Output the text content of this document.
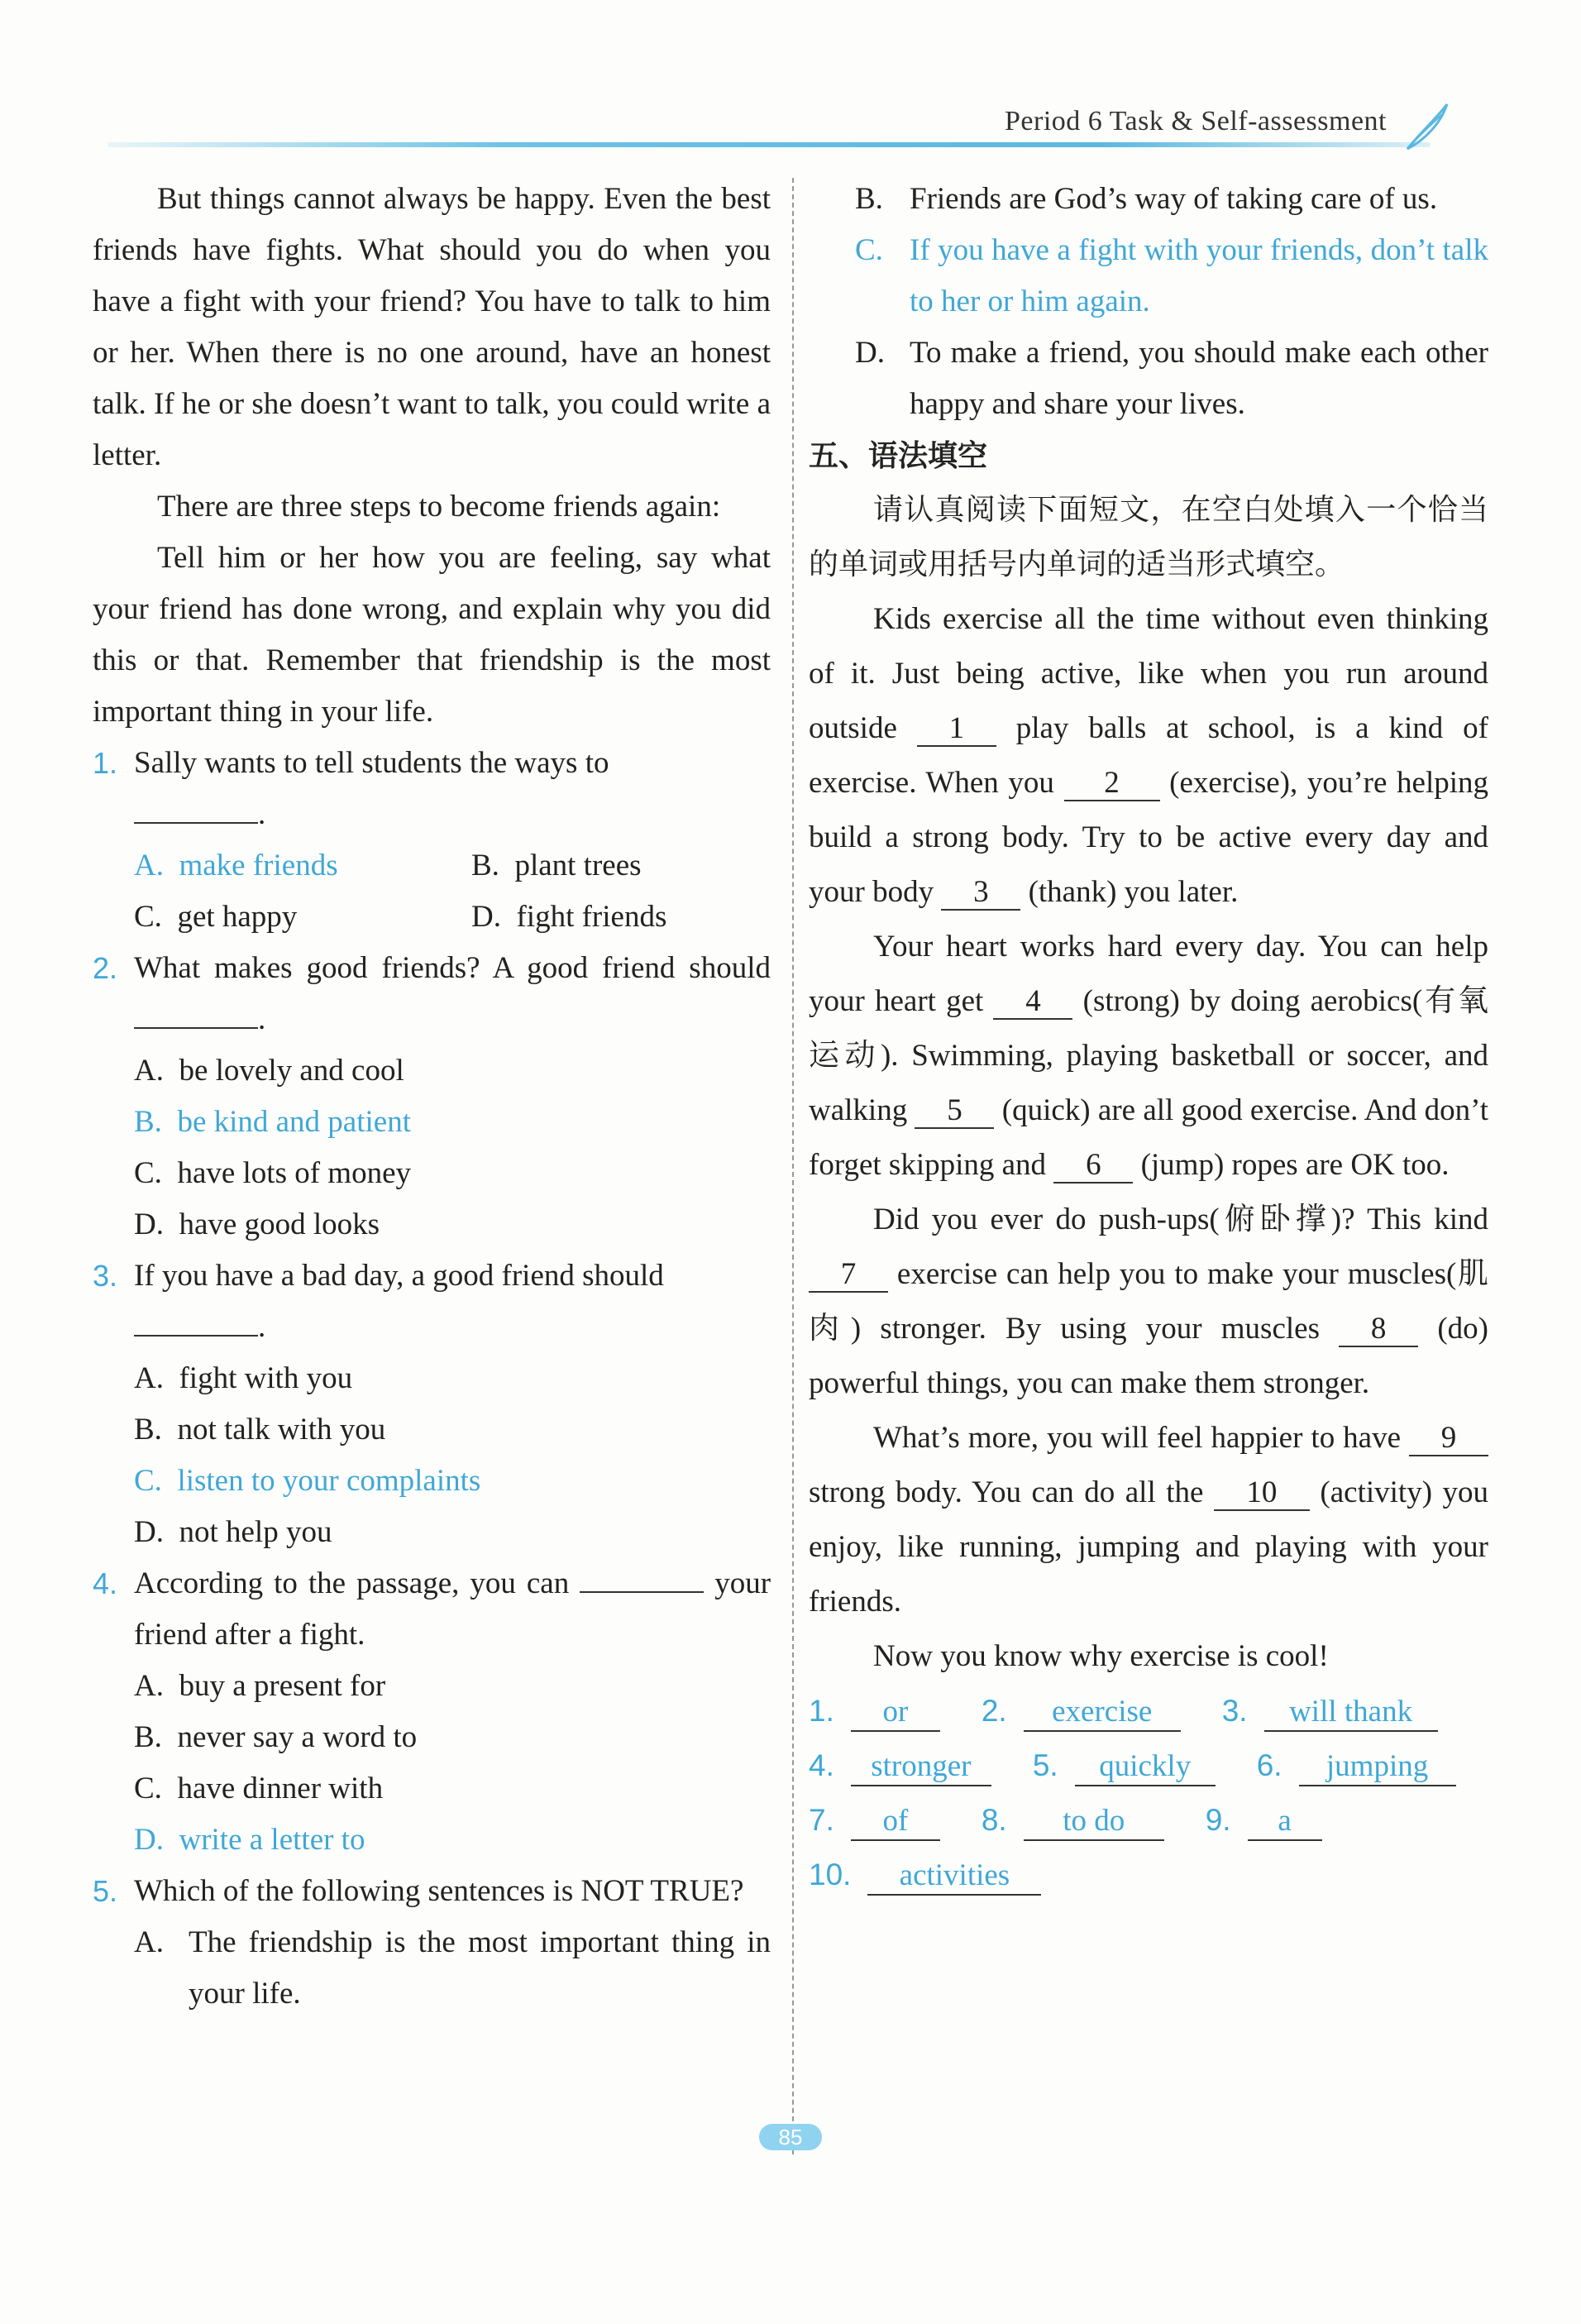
Period 6 Task & Self-assessment

But things cannot always be happy. Even the best friends have fights. What should you do when you have a fight with your friend? You have to talk to him or her. When there is no one around, have an honest talk. If he or she doesn’t want to talk, you could write a letter.

There are three steps to become friends again:

Tell him or her how you are feeling, say what your friend has done wrong, and explain why you did this or that. Remember that friendship is the most important thing in your life.

1. Sally wants to tell students the ways to
.
A. make friends	B. plant trees
C. get happy	D. fight friends
2. What makes good friends? A good friend should .
A. be lovely and cool
B. be kind and patient
C. have lots of money
D. have good looks
3. If you have a bad day, a good friend should
.
A. fight with you
B. not talk with you
C. listen to your complaints
D. not help you
4. According to the passage, you can	your friend after a fight.
A. buy a present for
B. never say a word to
C. have dinner with
D. write a letter to
5. Which of the following sentences is NOT TRUE?
A. The friendship is the most important thing in your life.
B. Friends are God’s way of taking care of us.
C. If you have a fight with your friends, don’t talk to her or him again.
D. To make a friend, you should make each other happy and share your lives.

五、语法填空

请认真阅读下面短文，在空白处填入一个恰当的单词或用括号内单词的适当形式填空。

Kids exercise all the time without even thinking of it. Just being active, like when you run around outside 1 play balls at school, is a kind of exercise. When you 2 (exercise), you’re helping build a strong body. Try to be active every day and your body 3 (thank) you later.

Your heart works hard every day. You can help your heart get 4 (strong) by doing aerobics(有氧运动). Swimming, playing basketball or soccer, and walking 5 (quick) are all good exercise. And don’t forget skipping and 6 (jump) ropes are OK too.

Did you ever do push-ups(俯卧撑)? This kind 7 exercise can help you to make your muscles(肌肉) stronger. By using your muscles 8 (do) powerful things, you can make them stronger.

What’s more, you will feel happier to have 9 strong body. You can do all the 10 (activity) you enjoy, like running, jumping and playing with your friends.

Now you know why exercise is cool!

1.	or	2.	exercise	3.	will thank
4.	stronger	5.	quickly	6.	jumping
7.	of	8.	to do	9.	a
10.	activities
85
